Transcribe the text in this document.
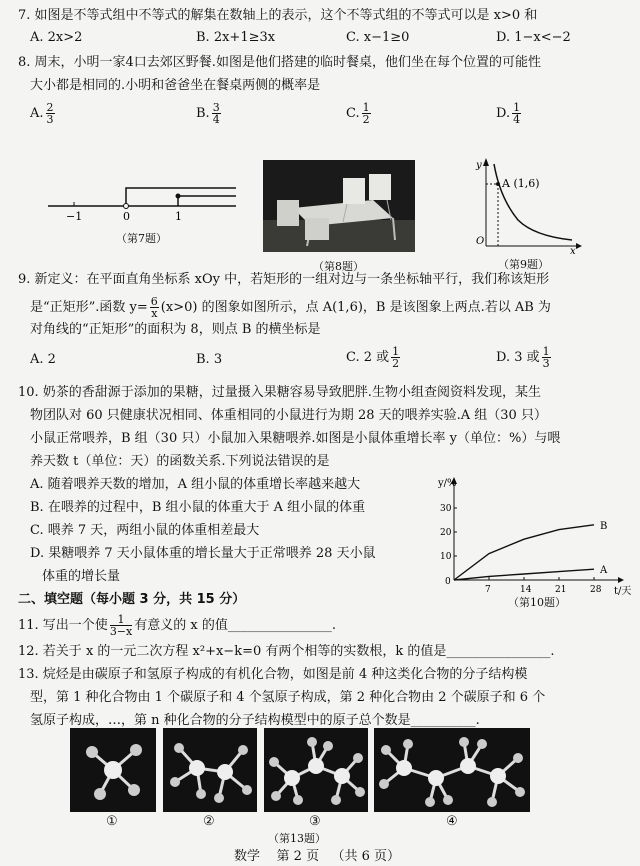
7. 如图是不等式组中不等式的解集在数轴上的表示，这个不等式组的不等式可以是 x>0 和
A. 2x>2	B. 2x+1≥3x	C. x−1≥0	D. 1−x<−2
8. 周末，小明一家4口去郊区野餐.如图是他们搭建的临时餐桌，他们坐在每个位置的可能性
大小都是相同的.小明和爸爸坐在餐桌两侧的概率是
A. $\frac{2}{3}$	B. $\frac{3}{4}$	C. $\frac{1}{2}$	D. $\frac{1}{4}$
−1	0	1
（第7题）
（第8题）
A (1,6)
y
O
x
（第9题）
9. 新定义：在平面直角坐标系 xOy 中，若矩形的一组对边与一条坐标轴平行，我们称该矩形
是“正矩形”.函数 $y= \frac{6}{x} (x>0)$ 的图象如图所示，点 A(1,6)，B 是该图象上两点.若以 AB 为
对角线的“正矩形”的面积为 8，则点 B 的横坐标是
A. 2	B. 3	C. 2 或 $\frac{1}{2}$	D. 3 或 $\frac{1}{3}$
10. 奶茶的香甜源于添加的果糖，过量摄入果糖容易导致肥胖.生物小组查阅资料发现，某生
物团队对 60 只健康状况相同、体重相同的小鼠进行为期 28 天的喂养实验.A 组（30 只）
小鼠正常喂养，B 组（30 只）小鼠加入果糖喂养.如图是小鼠体重增长率 y（单位：%）与喂
养天数 t（单位：天）的函数关系.下列说法错误的是
A. 随着喂养天数的增加，A 组小鼠的体重增长率越来越大
B. 在喂养的过程中，B 组小鼠的体重大于 A 组小鼠的体重
C. 喂养 7 天，两组小鼠的体重相差最大
D. 果糖喂养 7 天小鼠体重的增长量大于正常喂养 28 天小鼠
体重的增长量
y/%
t/天
0
7	14	21	28
10
20
30
B
A
（第10题）
二、填空题（每小题 3 分，共 15 分）
11. 写出一个使 $\frac{1}{3-x}$ 有意义的 x 的值________________.
12. 若关于 x 的一元二次方程 x²+x−k=0 有两个相等的实数根，k 的值是________________.
13. 烷烃是由碳原子和氢原子构成的有机化合物，如图是前 4 种这类化合物的分子结构模
型，第 1 种化合物由 1 个碳原子和 4 个氢原子构成，第 2 种化合物由 2 个碳原子和 6 个
氢原子构成，…，第 n 种化合物的分子结构模型中的原子总个数是__________.
①	②	③	④
（第13题）
数学 第 2 页 （共 6 页）
